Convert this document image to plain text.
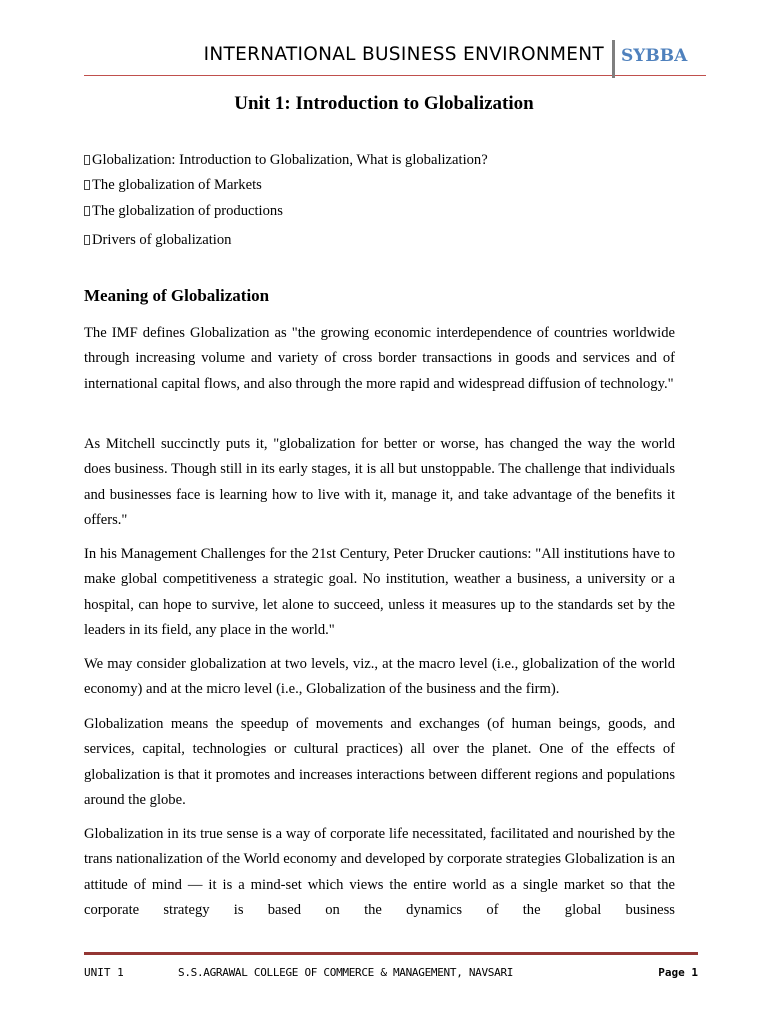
INTERNATIONAL BUSINESS ENVIRONMENT SYBBA
Unit 1: Introduction to Globalization
Globalization: Introduction to Globalization, What is globalization?
The globalization of Markets
The globalization of productions
Drivers of globalization
Meaning of Globalization

The IMF defines Globalization as "the growing economic interdependence of countries worldwide through increasing volume and variety of cross border transactions in goods and services and of international capital flows, and also through the more rapid and widespread diffusion of technology."

As Mitchell succinctly puts it, "globalization for better or worse, has changed the way the world does business. Though still in its early stages, it is all but unstoppable. The challenge that individuals and businesses face is learning how to live with it, manage it, and take advantage of the benefits it offers."

In his Management Challenges for the 21st Century, Peter Drucker cautions: "All institutions have to make global competitiveness a strategic goal. No institution, weather a business, a university or a hospital, can hope to survive, let alone to succeed, unless it measures up to the standards set by the leaders in its field, any place in the world."

We may consider globalization at two levels, viz., at the macro level (i.e., globalization of the world economy) and at the micro level (i.e., Globalization of the business and the firm).

Globalization means the speedup of movements and exchanges (of human beings, goods, and services, capital, technologies or cultural practices) all over the planet. One of the effects of globalization is that it promotes and increases interactions between different regions and populations around the globe.

Globalization in its true sense is a way of corporate life necessitated, facilitated and nourished by the trans nationalization of the World economy and developed by corporate strategies Globalization is an attitude of mind — it is a mind-set which views the entire world as a single market so that the corporate strategy is based on the dynamics of the global business

UNIT 1	S.S.AGRAWAL COLLEGE OF COMMERCE & MANAGEMENT, NAVSARI	Page 1
